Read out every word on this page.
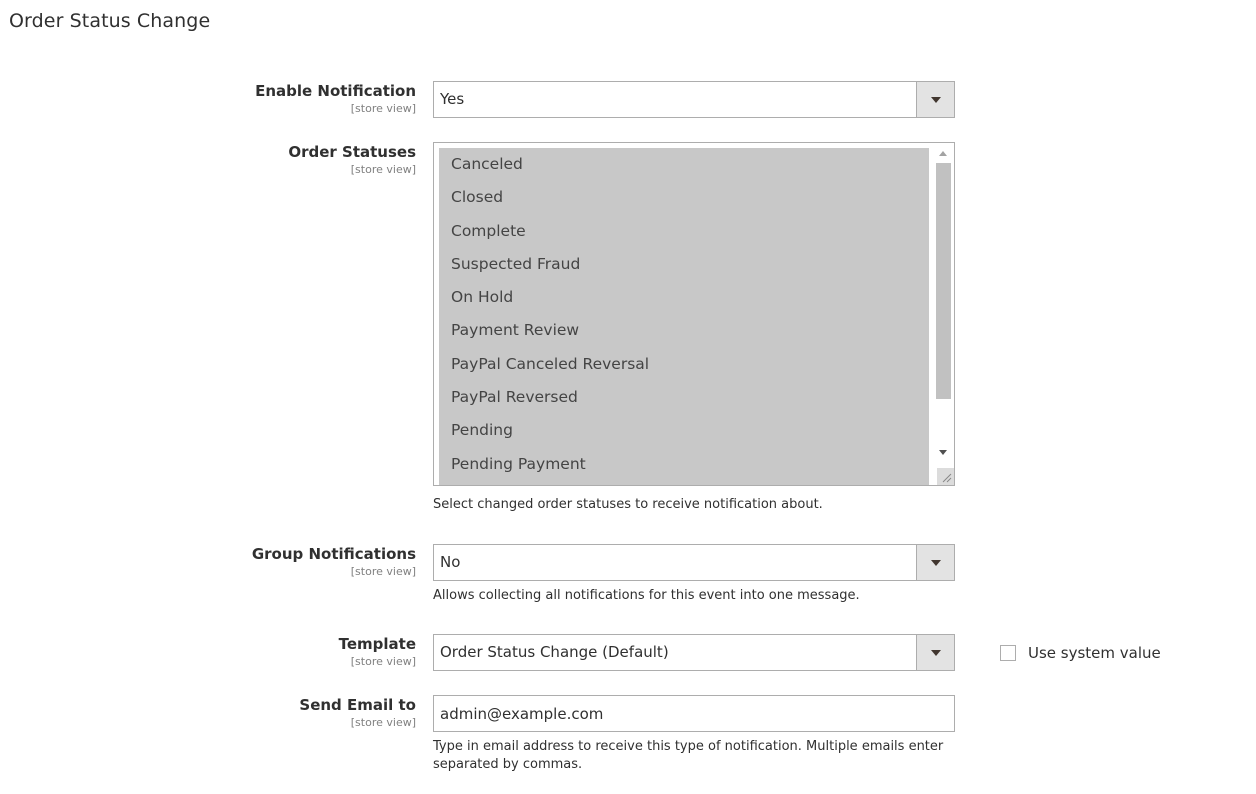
Order Status Change
Enable Notification
[store view]
Yes
Order Statuses
[store view]	Canceled
Closed
Complete
Suspected Fraud
On Hold
Payment Review
PayPal Canceled Reversal
PayPal Reversed
Pending
Pending Payment
Select changed order statuses to receive notification about.
Group Notifications
[store view]
No
Allows collecting all notifications for this event into one message.
Template
[store view]
Order Status Change (Default)	Use system value
Send Email to
[store view]
admin@example.com
Type in email address to receive this type of notification. Multiple emails enter separated by commas.
